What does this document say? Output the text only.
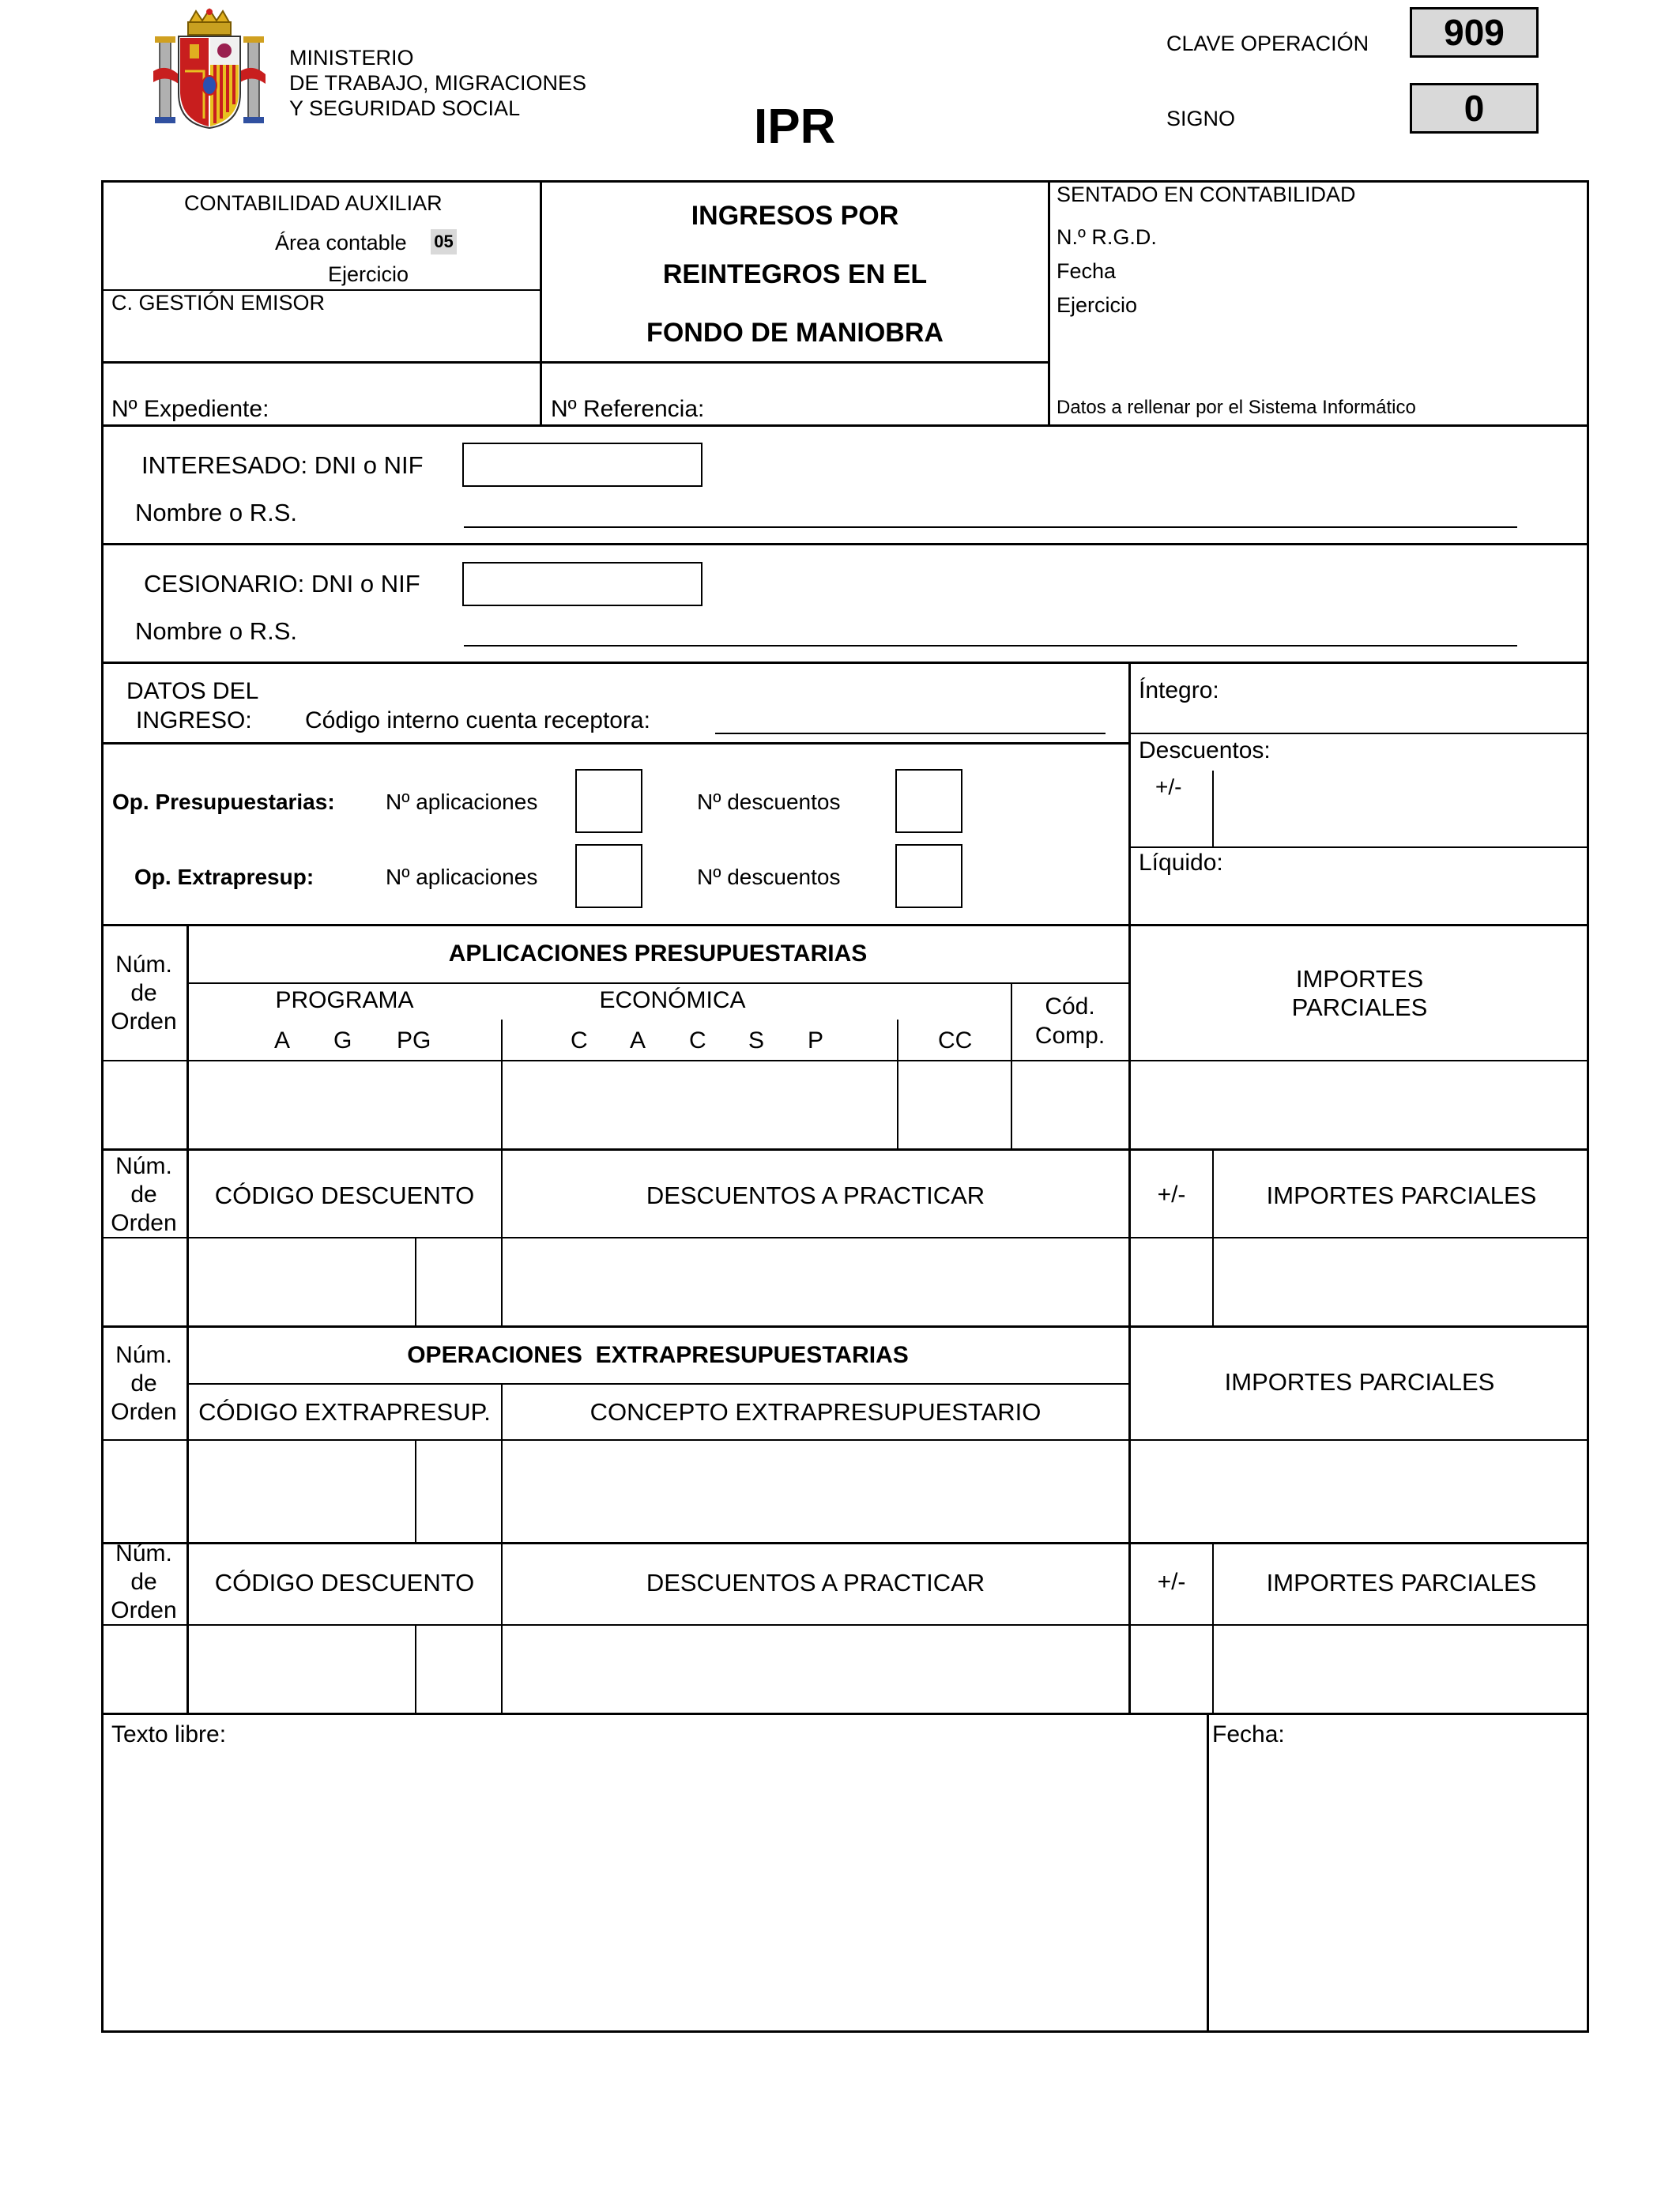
MINISTERIO
DE TRABAJO, MIGRACIONES
Y SEGURIDAD SOCIAL	IPR
CLAVE OPERACIÓN	909
SIGNO	0
CONTABILIDAD AUXILIAR
Área contable 05
Ejercicio
C. GESTIÓN EMISOR
INGRESOS POR
REINTEGROS EN EL
FONDO DE MANIOBRA
SENTADO EN CONTABILIDAD
N.º R.G.D.
Fecha
Ejercicio
Nº Expediente:	Nº Referencia:	Datos a rellenar por el Sistema Informático
INTERESADO: DNI o NIF
Nombre o R.S.
CESIONARIO: DNI o NIF
Nombre o R.S.
DATOS DEL
INGRESO: Código interno cuenta receptora:
Íntegro:
Descuentos:
+/-
Líquido:
Op. Presupuestarias: Nº aplicaciones	Nº descuentos
Op. Extrapresup:	Nº aplicaciones	Nº descuentos
Núm.
de
Orden
APLICACIONES PRESUPUESTARIAS
PROGRAMA	ECONÓMICA	Cód.
Comp.
A G PG	C A C S P	CC
IMPORTES
PARCIALES
Núm.
de
Orden
CÓDIGO DESCUENTO	DESCUENTOS A PRACTICAR	+/-	IMPORTES PARCIALES
Núm.
de
Orden
OPERACIONES  EXTRAPRESUPUESTARIAS
CÓDIGO EXTRAPRESUP.	CONCEPTO EXTRAPRESUPUESTARIO
IMPORTES PARCIALES
Núm.
de
Orden
CÓDIGO DESCUENTO	DESCUENTOS A PRACTICAR	+/-	IMPORTES PARCIALES
Texto libre:	Fecha:
